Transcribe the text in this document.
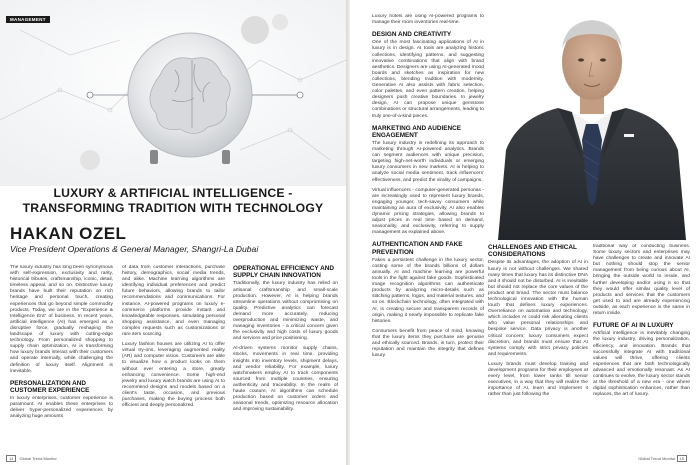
MANAGEMENT
LUXURY & ARTIFICIAL INTELLIGENCE -
TRANSFORMING TRADITION WITH TECHNOLOGY
HAKAN OZEL

Vice President Operations & General Manager, Shangri-La Dubai

The luxury industry has long been synonymous with self-expression, exclusivity and rarity, historical tributes, craftsmanship, iconic, detail, timeless appeal, and so on. Distinctive luxury brands have built their reputation on rich heritage and personal touch, creating experiences that go beyond simple commodity products. Today, we are in the "Experience & Intelligence Era" of business. In recent years, artificial intelligence (AI) has emerged as a disruptive force, gradually reshaping the landscape of luxury with cutting-edge technology. From personalized shopping to supply chain optimization, AI is transforming how luxury brands interact with their customers and operate internally, while challenging the definition of luxury itself. Alignment is inevitable.

PERSONALIZATION AND CUSTOMER EXPERIENCE

In luxury enterprises, customer experience is paramount. AI enables these enterprises to deliver hyper-personalized experiences by analyzing huge amounts

of data from customer interactions, purchase history, demographics, social media trends, and alike. Machine learning algorithms are identifying individual preferences and predict future behaviors, allowing brands to tailor recommendations and communications. For instance, AI-powered programs on luxury e-commerce platforms provide instant and knowledgeable responses, simulating personal shopping assistance, and even managing complex requests such as customizations or rare item sourcing.

Luxury fashion houses are utilizing AI to offer virtual try-ons, leveraging augmented reality (AR) and computer vision. Customers are able to visualize how a product looks on them without ever entering a store, greatly enhancing convenience. Some high-end jewelry and luxury watch brands are using AI to recommend designs and models based on a client's taste, occasion, and previous purchases, making the buying process both efficient and deeply personalized.

OPERATIONAL EFFICIENCY AND SUPPLY CHAIN INNOVATION

Traditionally, the luxury industry has relied on artisanal craftsmanship and small-scale production. However, AI is helping brands streamline operations without compromising on quality. Predictive analytics can forecast demand more accurately, reducing overproduction and minimizing waste, and managing inventories - a critical concern given the exclusivity and high costs of luxury goods and services and price positioning.

AI-driven systems monitor supply chains, stocks, movements in real time, providing insights into inventory levels, shipment delays, and vendor reliability. For example, luxury watchmakers employ AI to track components sourced from multiple countries, ensuring authenticity and traceability. In the realm of haute couture, AI algorithms can schedule production based on customer orders and seasonal trends, optimizing resource allocation and improving sustainability.

14 Global Trend Monitor

Luxury hotels are using AI-powered programs to manage their room inventories real-time.

DESIGN AND CREATIVITY

One of the most fascinating applications of AI in luxury is in design. AI tools are analyzing historic collections, identifying patterns, and suggesting innovative combinations that align with brand aesthetics. Designers are using AI-generated mood boards and sketches as inspiration for new collections, blending tradition with modernity. Generative AI also assists with fabric selection, color palettes, and even pattern creation, helping designers push creative boundaries. In jewelry design, AI can propose unique gemstone combinations or structural arrangements, leading to truly one-of-a-kind pieces.

MARKETING AND AUDIENCE ENGAGEMENT

The luxury industry is redefining its approach to marketing through AI-powered analytics. Brands can segment audiences with unique precision, targeting high-net-worth individuals or emerging luxury consumers in new markets. AI is helping to analyze social media sentiment, track influencers' effectiveness, and predict the virality of campaigns.

Virtual influencers - computer-generated personas - are increasingly used to represent luxury brands, engaging younger, tech-savvy consumers while maintaining an aura of exclusivity. AI also enables dynamic pricing strategies, allowing brands to adjust prices in real time based on demand, seasonality, and exclusivity, referring to supply management as explained above.

AUTHENTICATION AND FAKE PREVENTION

Fakes a persistent challenge in the luxury sector, costing some of the brands billions of dollars annually. AI and machine learning are powerful tools in the fight against fake goods. Sophisticated image recognition algorithms can authenticate products by analyzing micro-details such as stitching patterns, logos, and material textures, and so on. Blockchain technology, often integrated with AI, is creating secure and transparent records of origin, making it nearly impossible to replicate fake histories.

Consumers benefit from peace of mind, knowing that the luxury items they purchase are genuine and ethically sourced. Brands, in turn, protect their reputation and maintain the integrity that defines luxury.

CHALLENGES AND ETHICAL CONSIDERATIONS

Despite its advantages, the adoption of AI in luxury is not without challenges. We shared many times that luxury has its distinctive DNA and it should not be disturbed. AI is inevitable but should not replace the core values of the product and brand. The sector must balance technological innovation with the human touch that defines luxury experiences. Overreliance on automation and technology, which includes AI could risk alienating clients who value personal relationships and bespoke service. Data privacy is another critical concern; luxury consumers expect discretion, and brands must ensure that AI systems comply with strict privacy policies and requirements.

Luxury brands must develop training and development programs for their employees at every level, from lower ranks till senior executives, in a way that they will realize the importance of AI, learn and implement it rather than just following the

traditional way of conducting business. Some luxury sectors and enterprises may have challenges to create and innovate AI but nothing should stop the senior management from being curious about AI, bringing the outside world to inside, and further developing and/or using it so that they would offer similar quality level of products and services that the customers get used to and are already experiencing outside, as each experience is the same in return inside.

FUTURE OF AI IN LUXURY

Artificial intelligence is inevitably changing the luxury industry, driving personalization, efficiency, and innovation. Brands that successfully integrate AI with traditional values will thrive, offering clients experiences that are both technologically advanced and emotionally resonant. As AI continues to evolve, the luxury sector stands at the threshold of a new era - one where digital sophistication enhances, rather than replaces, the art of luxury.

Global Trend Monitor 15
